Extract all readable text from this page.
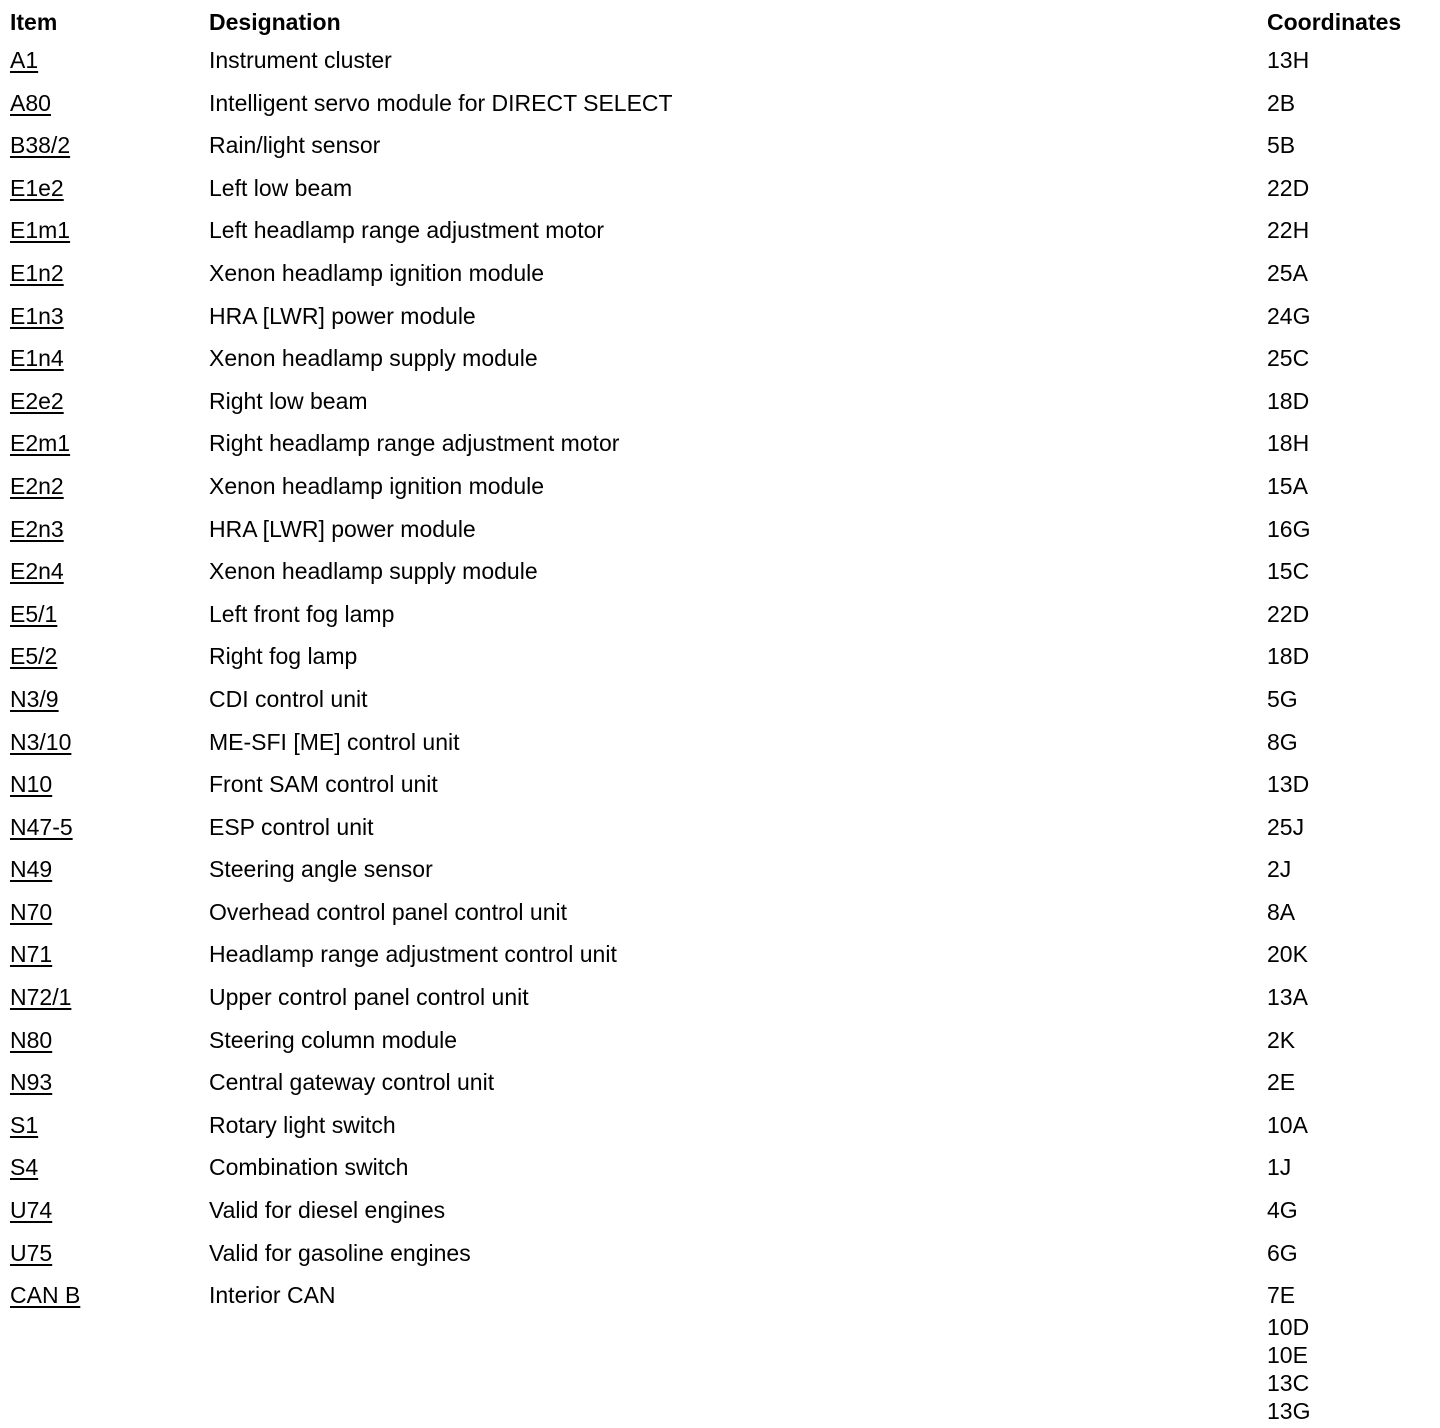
Item	Designation	Coordinates
A1	Instrument cluster	13H
A80	Intelligent servo module for DIRECT SELECT	2B
B38/2	Rain/light sensor	5B
E1e2	Left low beam	22D
E1m1	Left headlamp range adjustment motor	22H
E1n2	Xenon headlamp ignition module	25A
E1n3	HRA [LWR] power module	24G
E1n4	Xenon headlamp supply module	25C
E2e2	Right low beam	18D
E2m1	Right headlamp range adjustment motor	18H
E2n2	Xenon headlamp ignition module	15A
E2n3	HRA [LWR] power module	16G
E2n4	Xenon headlamp supply module	15C
E5/1	Left front fog lamp	22D
E5/2	Right fog lamp	18D
N3/9	CDI control unit	5G
N3/10	ME-SFI [ME] control unit	8G
N10	Front SAM control unit	13D
N47-5	ESP control unit	25J
N49	Steering angle sensor	2J
N70	Overhead control panel control unit	8A
N71	Headlamp range adjustment control unit	20K
N72/1	Upper control panel control unit	13A
N80	Steering column module	2K
N93	Central gateway control unit	2E
S1	Rotary light switch	10A
S4	Combination switch	1J
U74	Valid for diesel engines	4G
U75	Valid for gasoline engines	6G
CAN B	Interior CAN	7E
10D
10E
13C
13G
